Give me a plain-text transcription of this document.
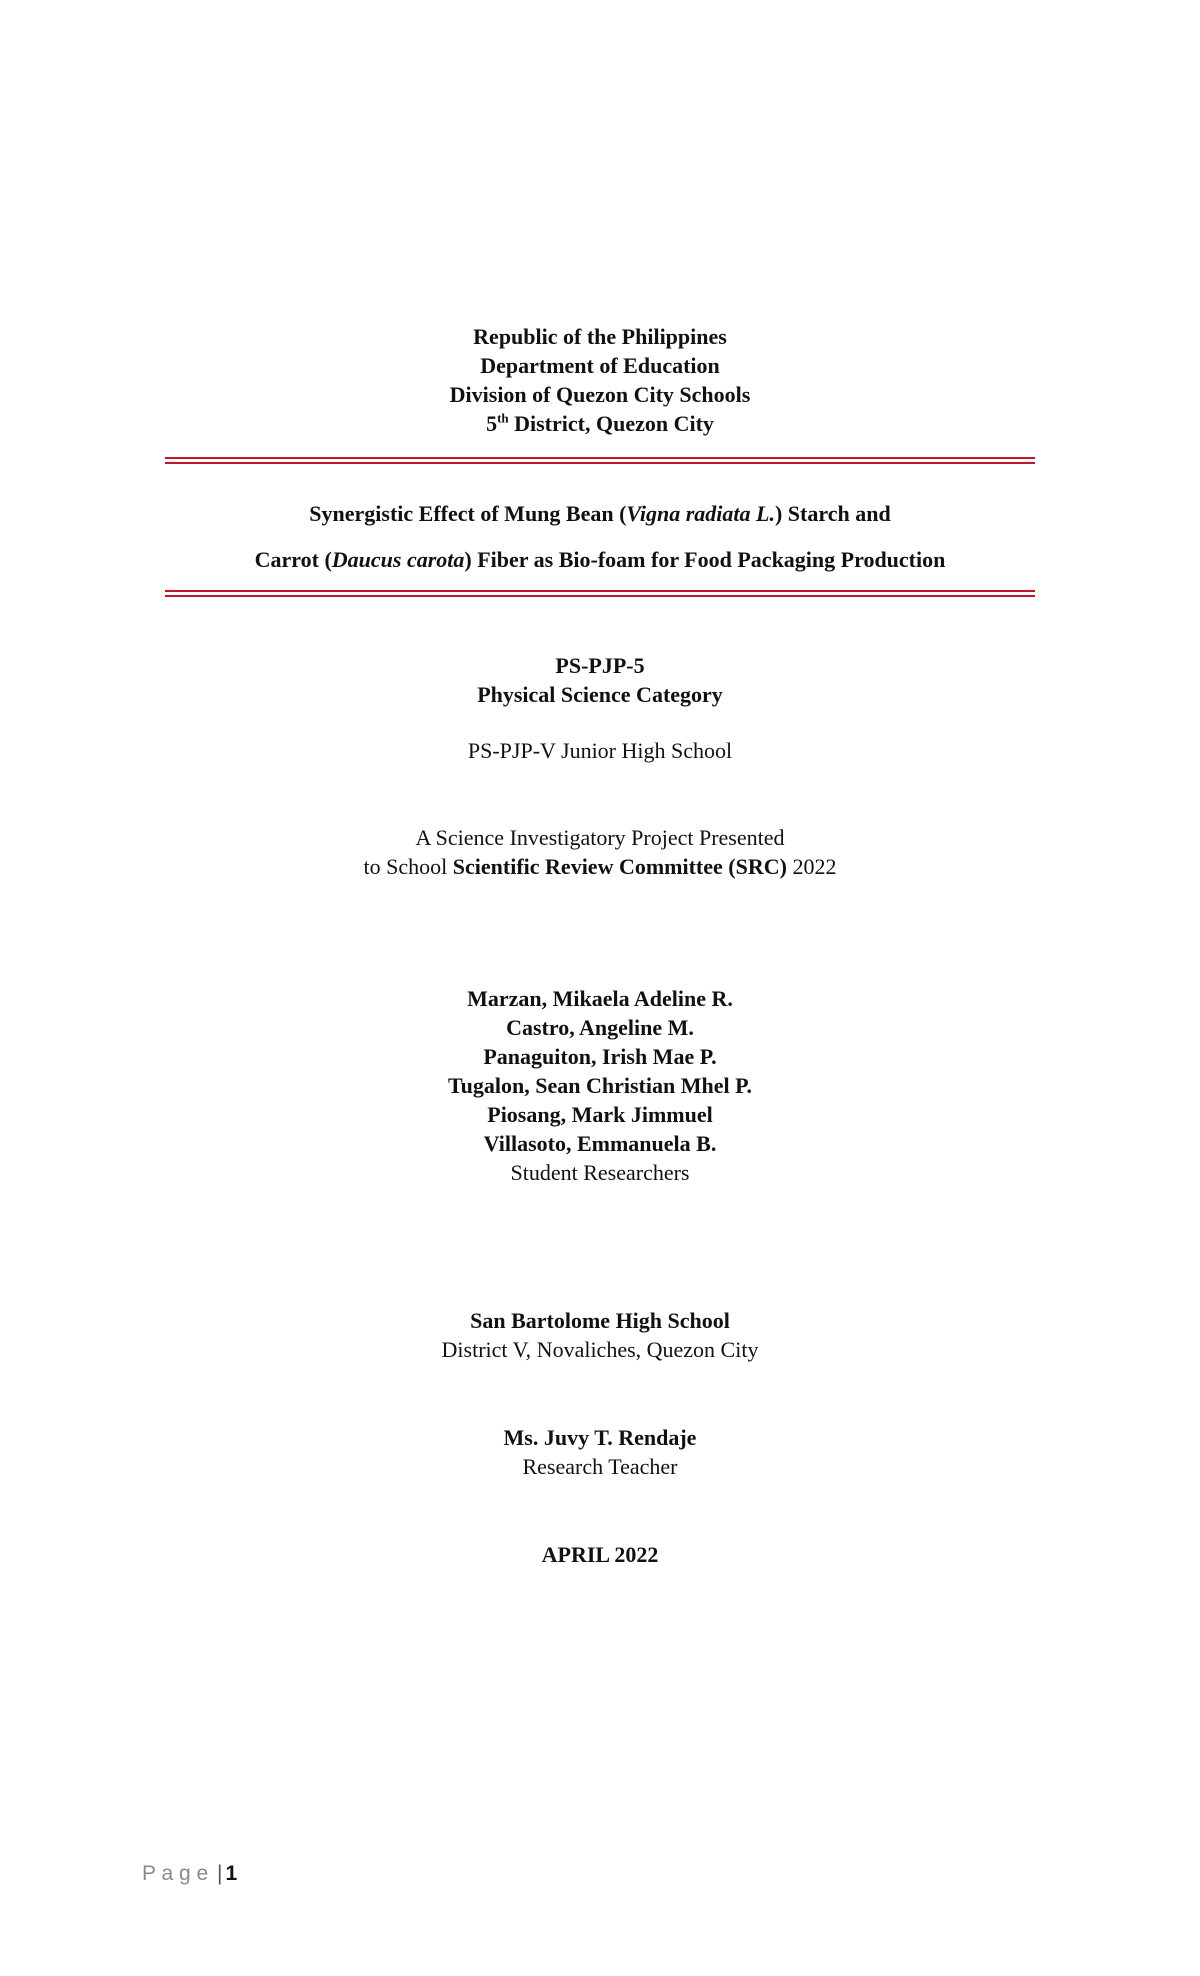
Republic of the Philippines
Department of Education
Division of Quezon City Schools
5th District, Quezon City
Synergistic Effect of Mung Bean (Vigna radiata L.) Starch and
Carrot (Daucus carota) Fiber as Bio-foam for Food Packaging Production
PS-PJP-5
Physical Science Category
PS-PJP-V Junior High School
A Science Investigatory Project Presented
to School Scientific Review Committee (SRC) 2022
Marzan, Mikaela Adeline R.
Castro, Angeline M.
Panaguiton, Irish Mae P.
Tugalon, Sean Christian Mhel P.
Piosang, Mark Jimmuel
Villasoto, Emmanuela B.
Student Researchers
San Bartolome High School
District V, Novaliches, Quezon City
Ms. Juvy T. Rendaje
Research Teacher
APRIL 2022
P a g e | 1
